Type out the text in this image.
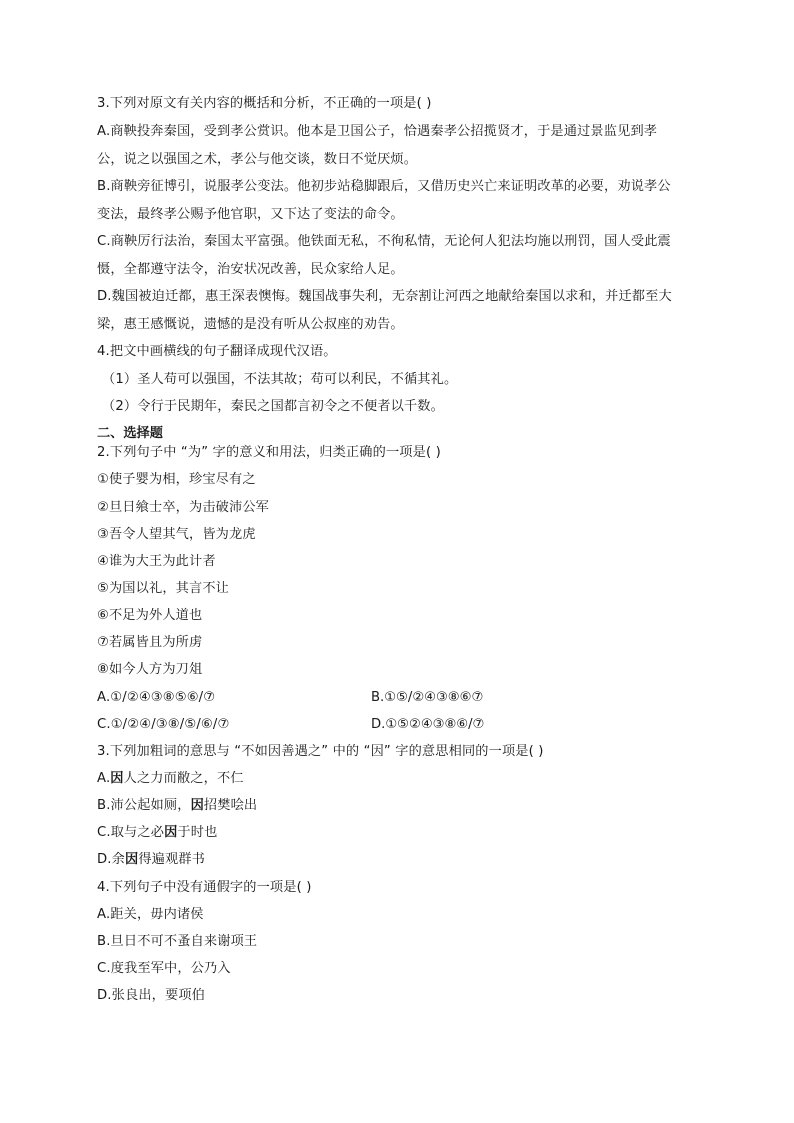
3.下列对原文有关内容的概括和分析，不正确的一项是( )
A.商鞅投奔秦国，受到孝公赏识。他本是卫国公子，恰遇秦孝公招揽贤才，于是通过景监见到孝
公，说之以强国之术，孝公与他交谈，数日不觉厌烦。
B.商鞅旁征博引，说服孝公变法。他初步站稳脚跟后，又借历史兴亡来证明改革的必要，劝说孝公
变法，最终孝公赐予他官职，又下达了变法的命令。
C.商鞅厉行法治，秦国太平富强。他铁面无私，不徇私情，无论何人犯法均施以刑罚，国人受此震
慑，全都遵守法令，治安状况改善，民众家给人足。
D.魏国被迫迁都，惠王深表懊悔。魏国战事失利，无奈割让河西之地献给秦国以求和，并迁都至大
梁，惠王感慨说，遗憾的是没有听从公叔座的劝告。
4.把文中画横线的句子翻译成现代汉语。
（1）圣人苟可以强国，不法其故；苟可以利民，不循其礼。
（2）令行于民期年，秦民之国都言初令之不便者以千数。
二、选择题
2.下列句子中 “为” 字的意义和用法，归类正确的一项是( )
①使子婴为相，珍宝尽有之
②旦日飨士卒，为击破沛公军
③吾令人望其气，皆为龙虎
④谁为大王为此计者
⑤为国以礼，其言不让
⑥不足为外人道也
⑦若属皆且为所虏
⑧如今人方为刀俎
A.①/②④③⑧⑤⑥/⑦	B.①⑤/②④③⑧⑥⑦
C.①/②④/③⑧/⑤/⑥/⑦	D.①⑤②④③⑧⑥/⑦
3.下列加粗词的意思与 “不如因善遇之” 中的 “因” 字的意思相同的一项是( )
A.因人之力而敝之，不仁
B.沛公起如厕，因招樊哙出
C.取与之必因于时也
D.余因得遍观群书
4.下列句子中没有通假字的一项是( )
A.距关，毋内诸侯
B.旦日不可不蚤自来谢项王
C.度我至军中，公乃入
D.张良出，要项伯
